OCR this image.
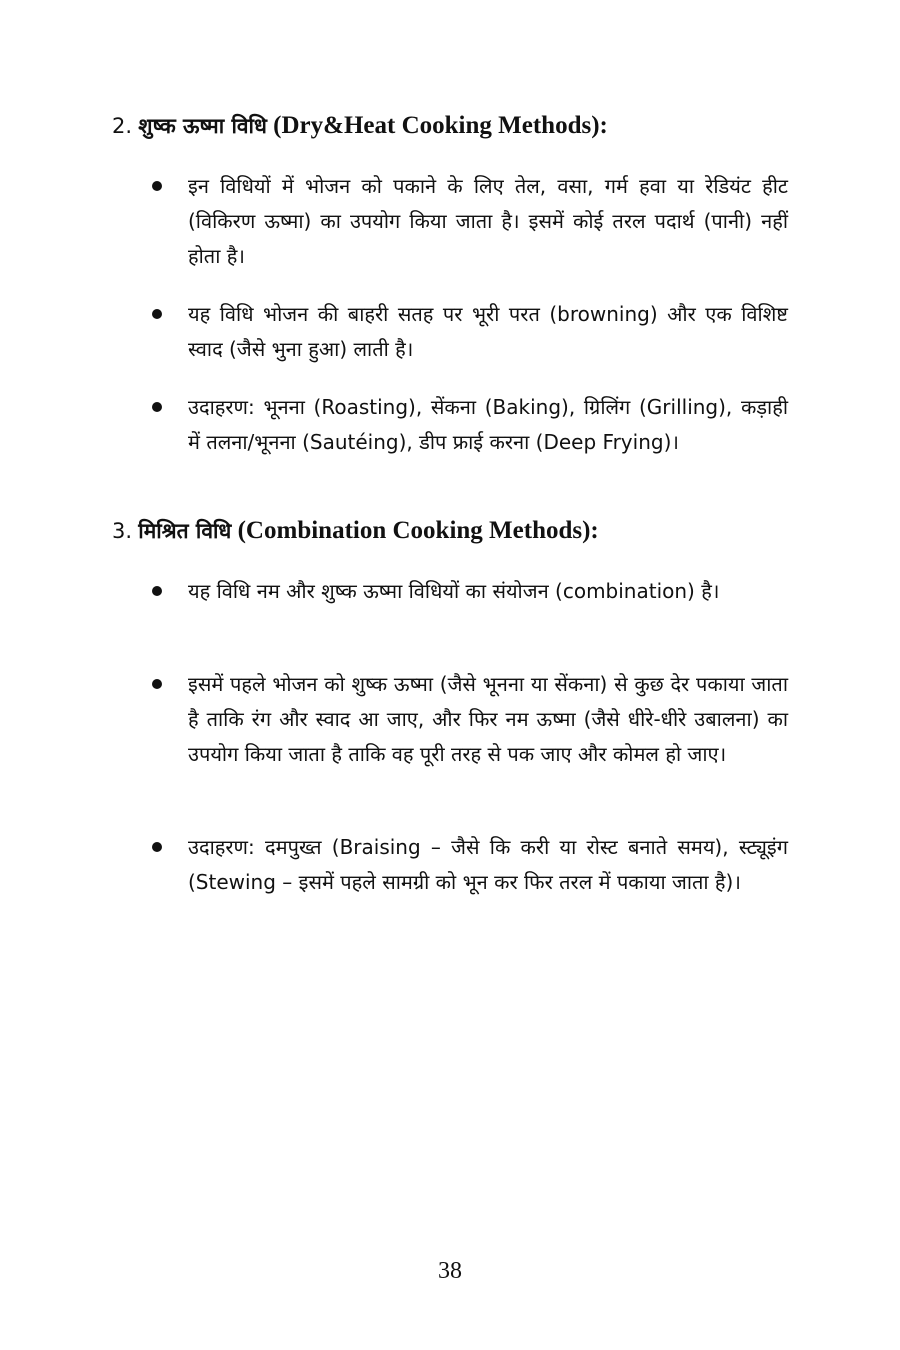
2. शुष्क ऊष्मा विधि (Dry&Heat Cooking Methods):
इन विधियों में भोजन को पकाने के लिए तेल, वसा, गर्म हवा या रेडियंट हीट (विकिरण ऊष्मा) का उपयोग किया जाता है। इसमें कोई तरल पदार्थ (पानी) नहीं होता है।
यह विधि भोजन की बाहरी सतह पर भूरी परत (browning) और एक विशिष्ट स्वाद (जैसे भुना हुआ) लाती है।
उदाहरण: भूनना (Roasting), सेंकना (Baking), ग्रिलिंग (Grilling), कड़ाही में तलना/भूनना (Sautéing), डीप फ्राई करना (Deep Frying)।
3. मिश्रित विधि (Combination Cooking Methods):
यह विधि नम और शुष्क ऊष्मा विधियों का संयोजन (combination) है।
इसमें पहले भोजन को शुष्क ऊष्मा (जैसे भूनना या सेंकना) से कुछ देर पकाया जाता है ताकि रंग और स्वाद आ जाए, और फिर नम ऊष्मा (जैसे धीरे-धीरे उबालना) का उपयोग किया जाता है ताकि वह पूरी तरह से पक जाए और कोमल हो जाए।
उदाहरण: दमपुख्त (Braising – जैसे कि करी या रोस्ट बनाते समय), स्ट्यूइंग (Stewing – इसमें पहले सामग्री को भून कर फिर तरल में पकाया जाता है)।
38
